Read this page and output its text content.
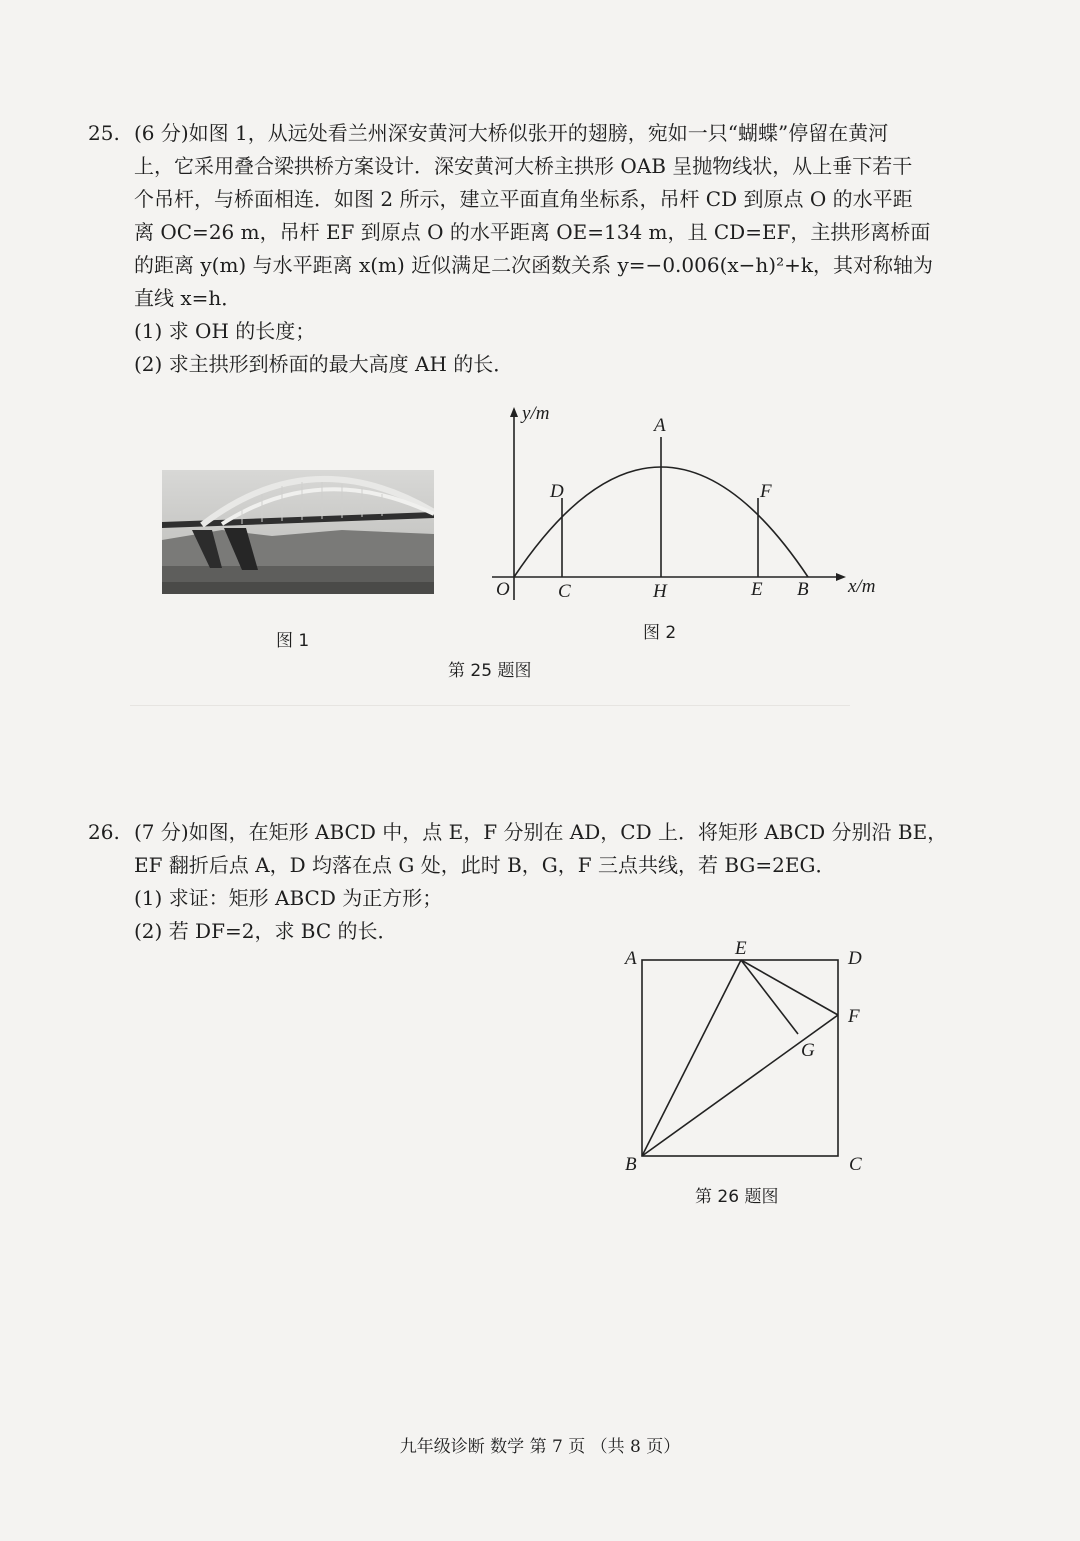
25. (6 分)如图 1，从远处看兰州深安黄河大桥似张开的翅膀，宛如一只“蝴蝶”停留在黄河
上，它采用叠合梁拱桥方案设计．深安黄河大桥主拱形 OAB 呈抛物线状，从上垂下若干
个吊杆，与桥面相连．如图 2 所示，建立平面直角坐标系，吊杆 CD 到原点 O 的水平距
离 OC=26 m，吊杆 EF 到原点 O 的水平距离 OE=134 m，且 CD=EF，主拱形离桥面
的距离 y(m) 与水平距离 x(m) 近似满足二次函数关系 y=−0.006(x−h)²+k，其对称轴为
直线 x=h．
(1) 求 OH 的长度；
(2) 求主拱形到桥面的最大高度 AH 的长．
图 1
y/m
x/m
A
D	F
O	C	H	E B
图 2
第 25 题图
26. (7 分)如图，在矩形 ABCD 中，点 E，F 分别在 AD，CD 上．将矩形 ABCD 分别沿 BE，
EF 翻折后点 A，D 均落在点 G 处，此时 B，G，F 三点共线，若 BG=2EG．
(1) 求证：矩形 ABCD 为正方形；
(2) 若 DF=2，求 BC 的长．
A	E	D
F
G
B	C
第 26 题图
九年级诊断 数学 第 7 页 （共 8 页）
